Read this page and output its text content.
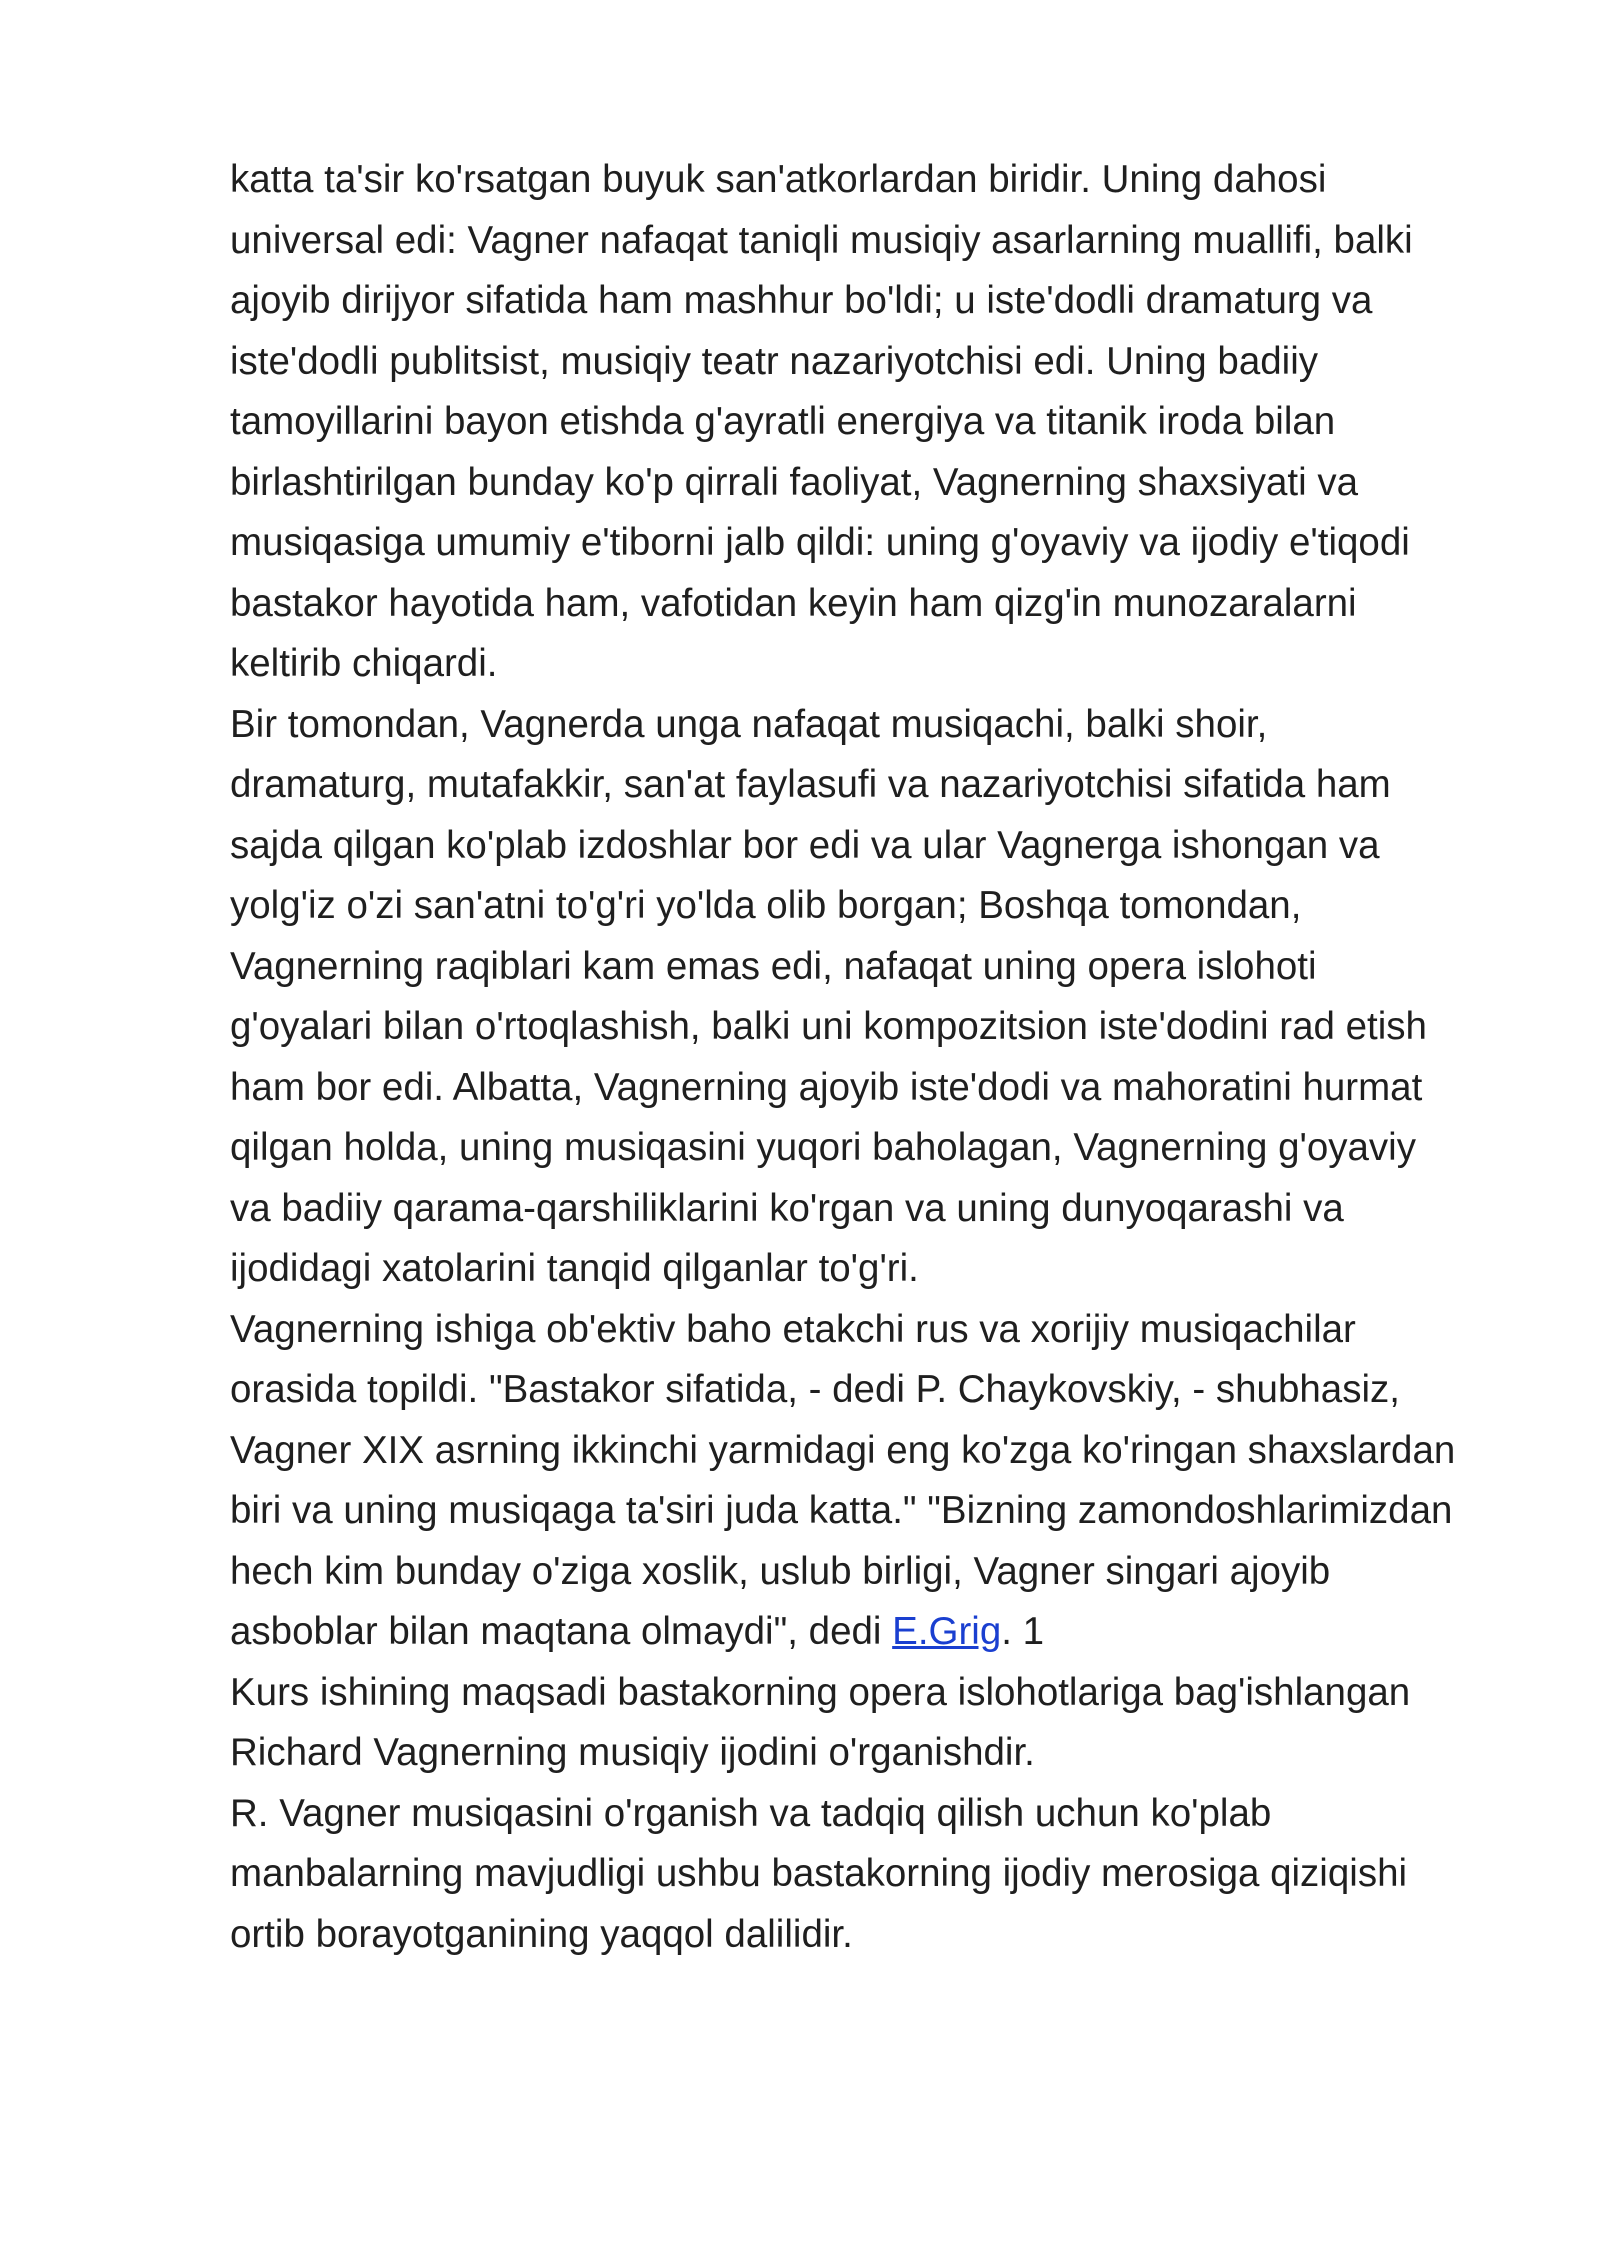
katta ta'sir ko'rsatgan buyuk san'atkorlardan biridir. Uning dahosi
universal edi: Vagner nafaqat taniqli musiqiy asarlarning muallifi, balki
ajoyib dirijyor sifatida ham mashhur bo'ldi; u iste'dodli dramaturg va
iste'dodli publitsist, musiqiy teatr nazariyotchisi edi. Uning badiiy
tamoyillarini bayon etishda g'ayratli energiya va titanik iroda bilan
birlashtirilgan bunday ko'p qirrali faoliyat, Vagnerning shaxsiyati va
musiqasiga umumiy e'tiborni jalb qildi: uning g'oyaviy va ijodiy e'tiqodi
bastakor hayotida ham, vafotidan keyin ham qizg'in munozaralarni
keltirib chiqardi.

Bir tomondan, Vagnerda unga nafaqat musiqachi, balki shoir,
dramaturg, mutafakkir, san'at faylasufi va nazariyotchisi sifatida ham
sajda qilgan ko'plab izdoshlar bor edi va ular Vagnerga ishongan va
yolg'iz o'zi san'atni to'g'ri yo'lda olib borgan; Boshqa tomondan,
Vagnerning raqiblari kam emas edi, nafaqat uning opera islohoti
g'oyalari bilan o'rtoqlashish, balki uni kompozitsion iste'dodini rad etish
ham bor edi. Albatta, Vagnerning ajoyib iste'dodi va mahoratini hurmat
qilgan holda, uning musiqasini yuqori baholagan, Vagnerning g'oyaviy
va badiiy qarama-qarshiliklarini ko'rgan va uning dunyoqarashi va
ijodidagi xatolarini tanqid qilganlar to'g'ri.

Vagnerning ishiga ob'ektiv baho etakchi rus va xorijiy musiqachilar
orasida topildi. "Bastakor sifatida, - dedi P. Chaykovskiy, - shubhasiz,
Vagner XIX asrning ikkinchi yarmidagi eng ko'zga ko'ringan shaxslardan
biri va uning musiqaga ta'siri juda katta." "Bizning zamondoshlarimizdan
hech kim bunday o'ziga xoslik, uslub birligi, Vagner singari ajoyib
asboblar bilan maqtana olmaydi", dedi E.Grig. 1

Kurs ishining maqsadi bastakorning opera islohotlariga bag'ishlangan
Richard Vagnerning musiqiy ijodini o'rganishdir.

R. Vagner musiqasini o'rganish va tadqiq qilish uchun ko'plab
manbalarning mavjudligi ushbu bastakorning ijodiy merosiga qiziqishi
ortib borayotganining yaqqol dalilidir.
